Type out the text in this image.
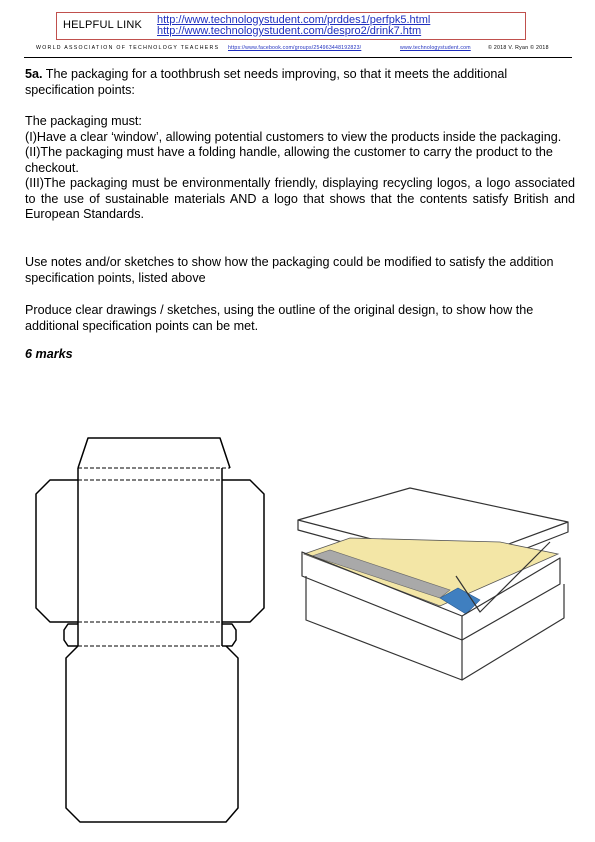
HELPFUL LINK http://www.technologystudent.com/prddes1/perfpk5.html
http://www.technologystudent.com/despro2/drink7.htm
WORLD ASSOCIATION OF TECHNOLOGY TEACHERS https://www.facebook.com/groups/254963448192823/	www.technologystudent.com	© 2018 V. Ryan © 2018

5a. The packaging for a toothbrush set needs improving, so that it meets the additional specification points:

The packaging must:
(I)Have a clear ‘window’, allowing potential customers to view the products inside the packaging.
(II)The packaging must have a folding handle, allowing the customer to carry the product to the checkout.
(III)The packaging must be environmentally friendly, displaying recycling logos, a logo associated to the use of sustainable materials AND a logo that shows that the contents satisfy British and European Standards.

Use notes and/or sketches to show how the packaging could be modified to satisfy the addition specification points, listed above

Produce clear drawings / sketches, using the outline of the original design, to show how the additional specification points can be met.

6 marks
